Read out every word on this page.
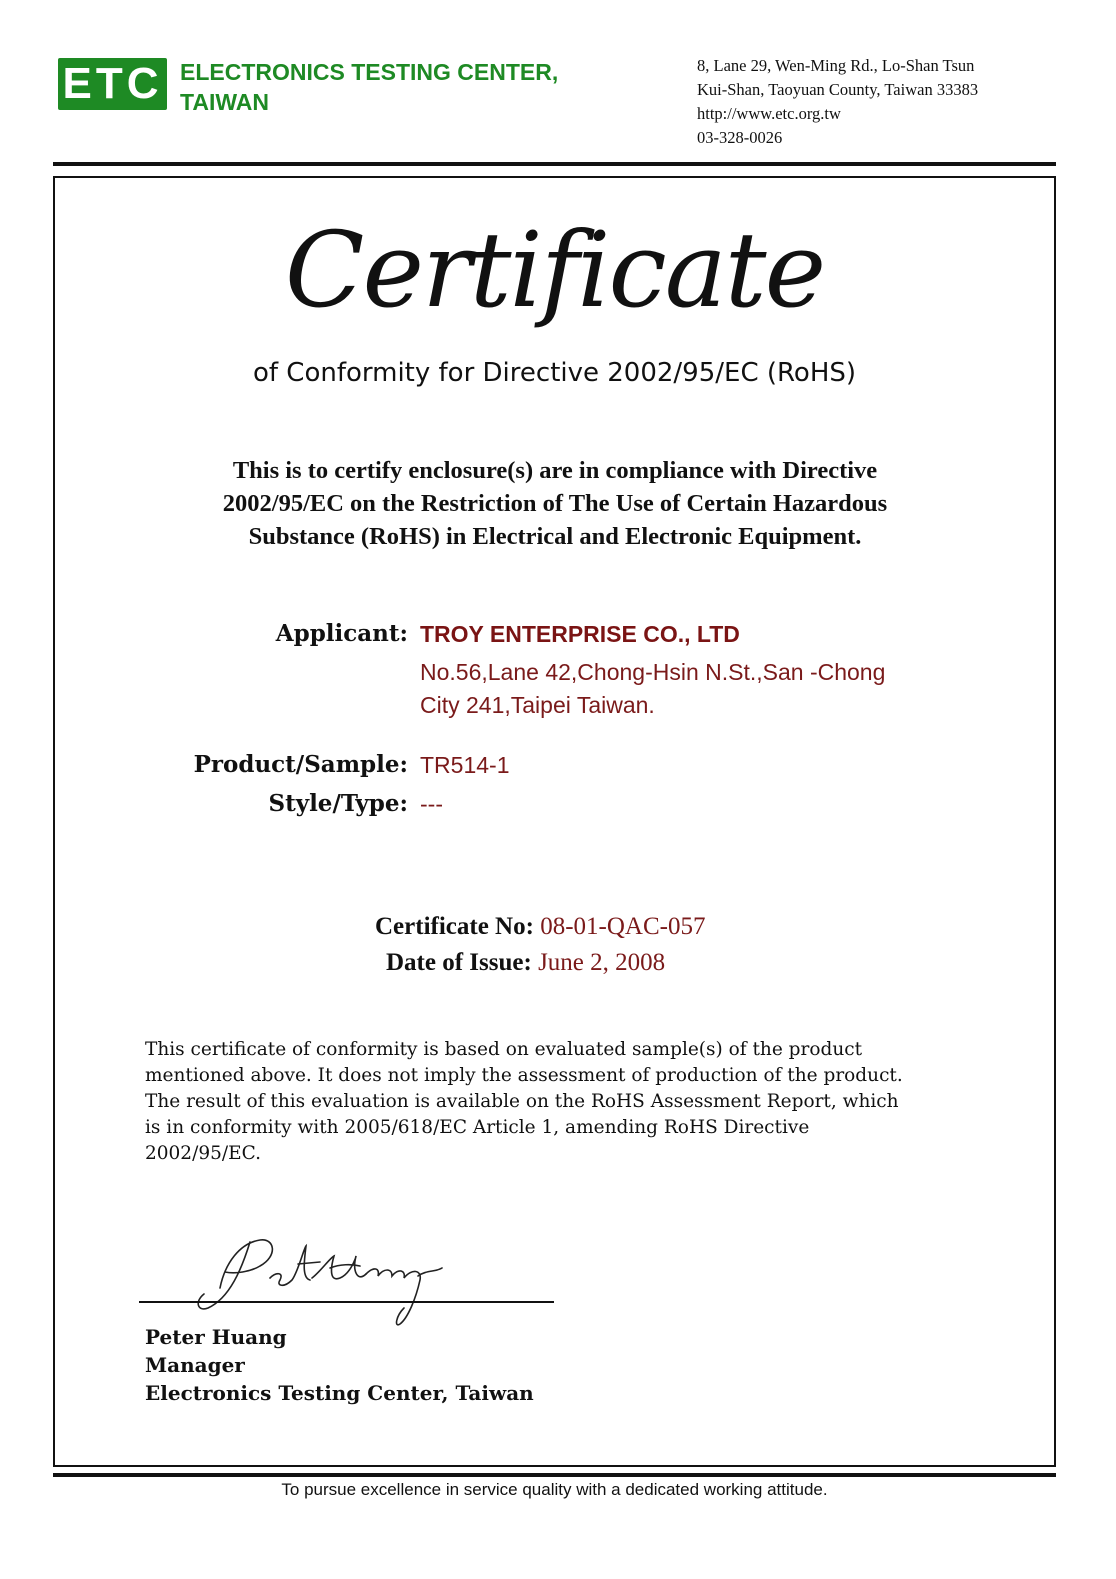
ETC ELECTRONICS TESTING CENTER,
TAIWAN
8, Lane 29, Wen-Ming Rd., Lo-Shan Tsun
Kui-Shan, Taoyuan County, Taiwan 33383
http://www.etc.org.tw
03-328-0026
Certificate
of Conformity for Directive 2002/95/EC (RoHS)
This is to certify enclosure(s) are in compliance with Directive
2002/95/EC on the Restriction of The Use of Certain Hazardous
Substance (RoHS) in Electrical and Electronic Equipment.
Applicant: TROY ENTERPRISE CO., LTD
No.56,Lane 42,Chong-Hsin N.St.,San -Chong
City 241,Taipei Taiwan.
Product/Sample: TR514-1
Style/Type: ---
Certificate No: 08-01-QAC-057
Date of Issue: June 2, 2008
This certificate of conformity is based on evaluated sample(s) of the product
mentioned above. It does not imply the assessment of production of the product.
The result of this evaluation is available on the RoHS Assessment Report, which
is in conformity with 2005/618/EC Article 1, amending RoHS Directive
2002/95/EC.
Peter Huang
Manager
Electronics Testing Center, Taiwan
To pursue excellence in service quality with a dedicated working attitude.
